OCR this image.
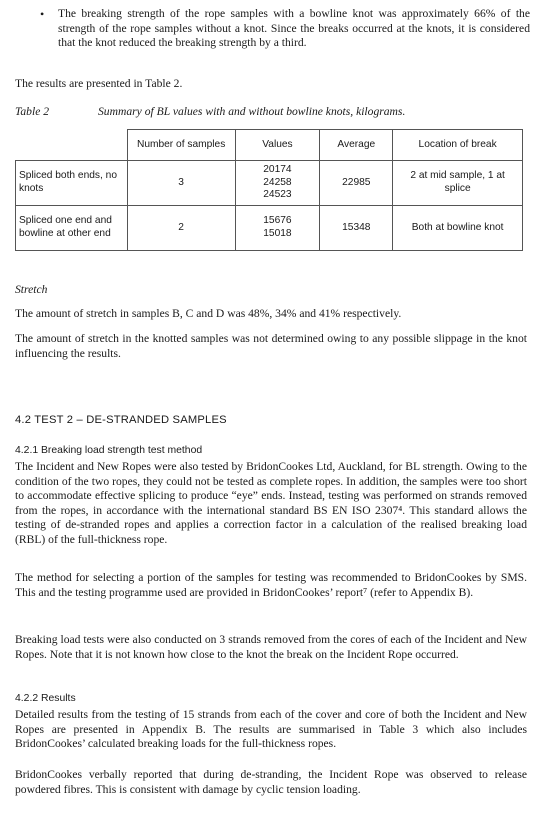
• The breaking strength of the rope samples with a bowline knot was approximately 66% of the strength of the rope samples without a knot. Since the breaks occurred at the knots, it is considered that the knot reduced the breaking strength by a third.
The results are presented in Table 2.
Table 2	Summary of BL values with and without bowline knots, kilograms.
	Number of samples	Values	Average	Location of break
Spliced both ends, no knots	3	20174
24258
24523	22985	2 at mid sample, 1 at splice
Spliced one end and bowline at other end	2	15676
15018	15348	Both at bowline knot
Stretch
The amount of stretch in samples B, C and D was 48%, 34% and 41% respectively.
The amount of stretch in the knotted samples was not determined owing to any possible slippage in the knot influencing the results.
4.2 TEST 2 – DE-STRANDED SAMPLES
4.2.1 Breaking load strength test method
The Incident and New Ropes were also tested by BridonCookes Ltd, Auckland, for BL strength. Owing to the condition of the two ropes, they could not be tested as complete ropes. In addition, the samples were too short to accommodate effective splicing to produce “eye” ends. Instead, testing was performed on strands removed from the ropes, in accordance with the international standard BS EN ISO 2307⁴. This standard allows the testing of de-stranded ropes and applies a correction factor in a calculation of the realised breaking load (RBL) of the full-thickness rope.
The method for selecting a portion of the samples for testing was recommended to BridonCookes by SMS. This and the testing programme used are provided in BridonCookes’ report⁷ (refer to Appendix B).
Breaking load tests were also conducted on 3 strands removed from the cores of each of the Incident and New Ropes. Note that it is not known how close to the knot the break on the Incident Rope occurred.
4.2.2 Results
Detailed results from the testing of 15 strands from each of the cover and core of both the Incident and New Ropes are presented in Appendix B. The results are summarised in Table 3 which also includes BridonCookes’ calculated breaking loads for the full-thickness ropes.
BridonCookes verbally reported that during de-stranding, the Incident Rope was observed to release powdered fibres. This is consistent with damage by cyclic tension loading.
